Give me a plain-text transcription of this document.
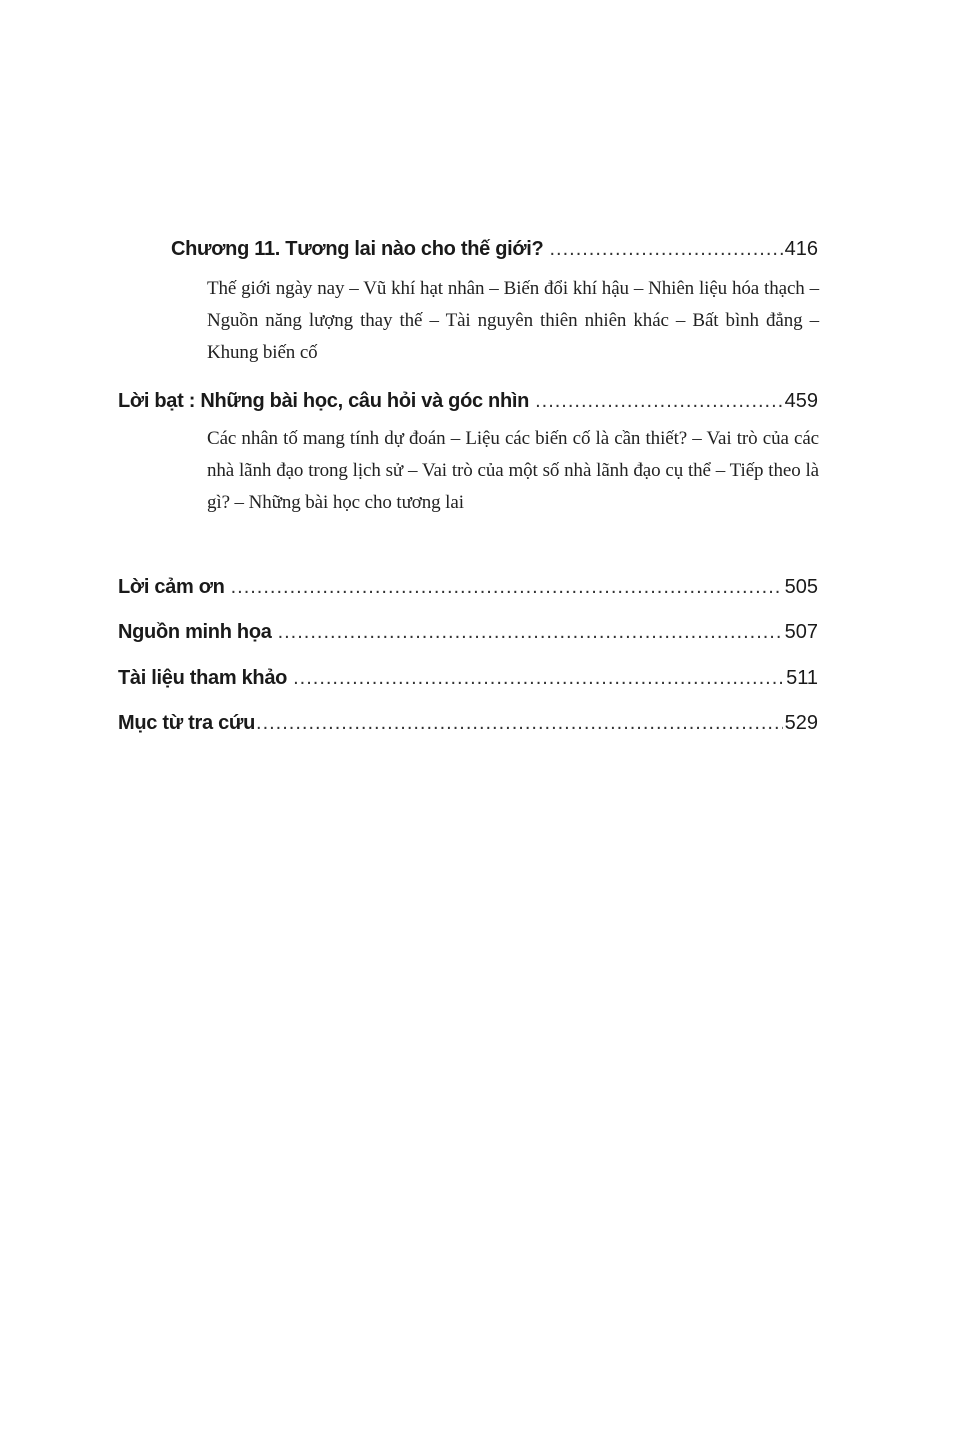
Chương 11. Tương lai nào cho thế giới? .....	416

Thế giới ngày nay – Vũ khí hạt nhân – Biến đổi khí hậu – Nhiên liệu hóa thạch – Nguồn năng lượng thay thế – Tài nguyên thiên nhiên khác – Bất bình đẳng – Khung biến cố

Lời bạt : Những bài học, câu hỏi và góc nhìn .....	459

Các nhân tố mang tính dự đoán – Liệu các biến cố là cần thiết? – Vai trò của các nhà lãnh đạo trong lịch sử – Vai trò của một số nhà lãnh đạo cụ thể – Tiếp theo là gì? – Những bài học cho tương lai

Lời cảm ơn .....	505
Nguồn minh họa .....	507
Tài liệu tham khảo .....	511
Mục từ tra cứu .....	529
